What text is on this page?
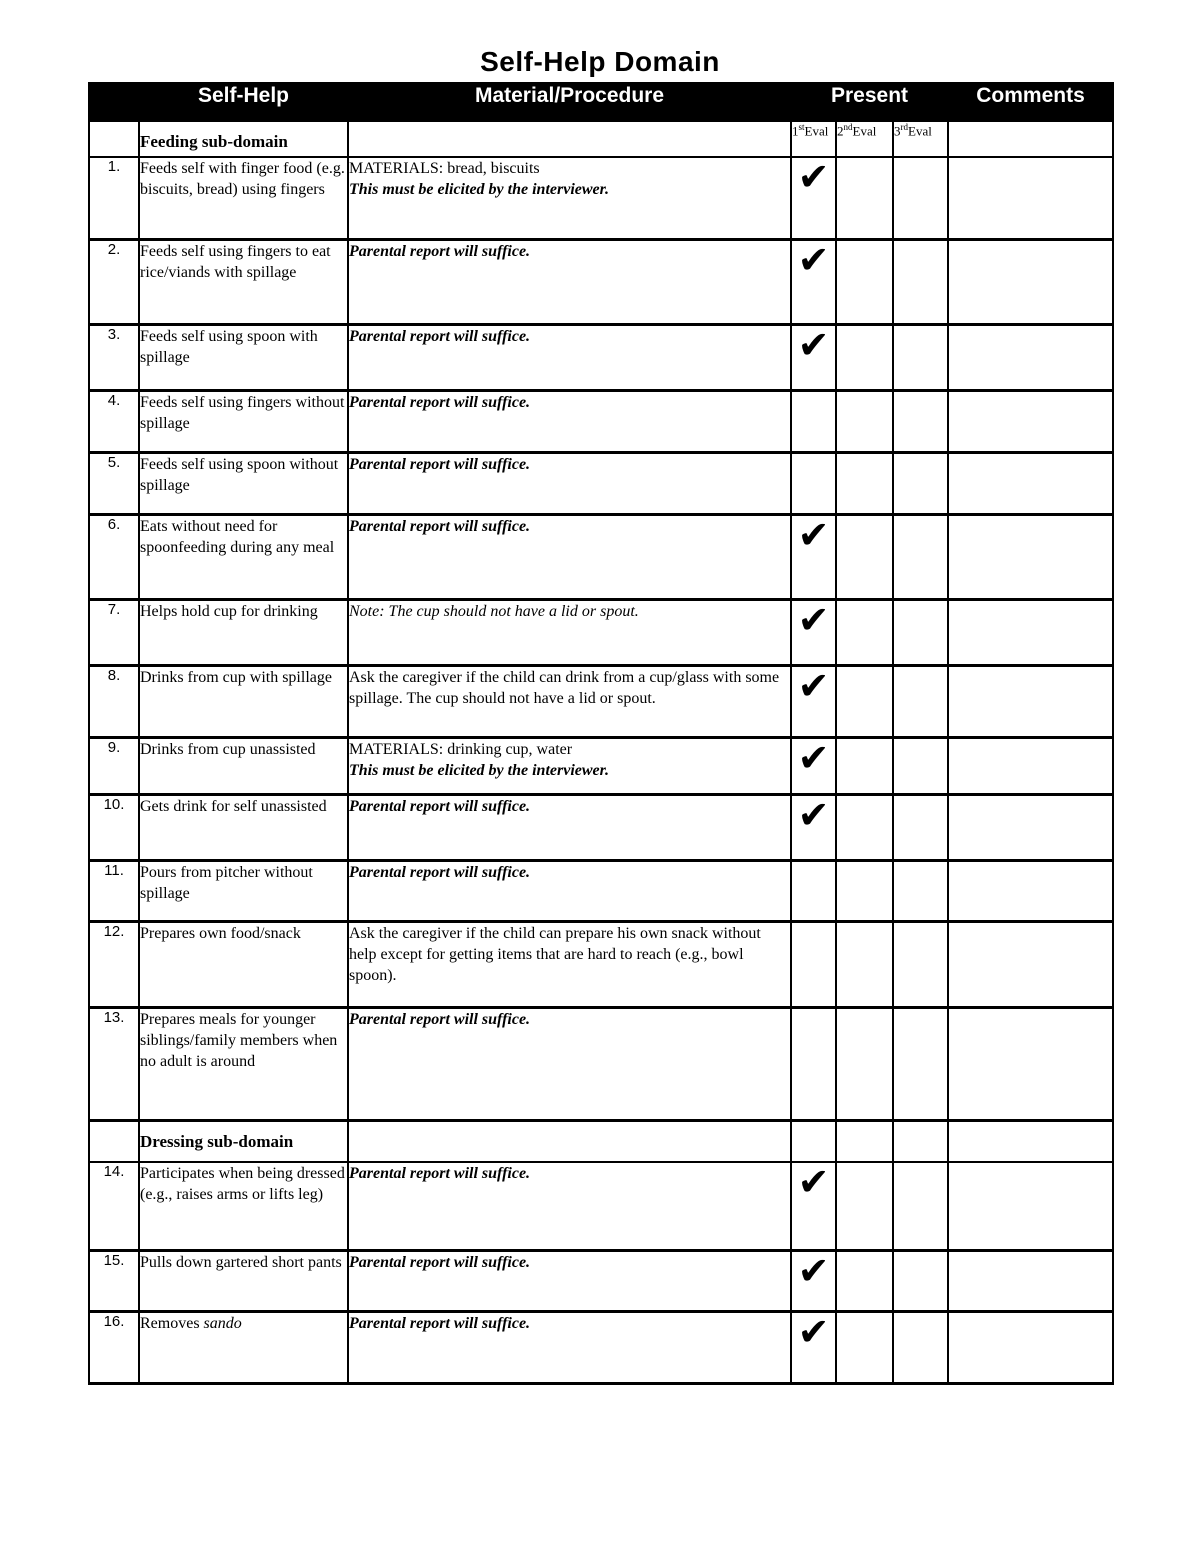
Self-Help Domain
	Self-Help	Material/Procedure	Present			Comments
	Feeding sub-domain		1stEval	2ndEval	3rdEval	
1.	Feeds self with finger food (e.g. biscuits, bread) using fingers	MATERIALS: bread, biscuits
This must be elicited by the interviewer.	✔			
2.	Feeds self using fingers to eat rice/viands with spillage	Parental report will suffice.	✔			
3.	Feeds self using spoon with spillage	Parental report will suffice.	✔			
4.	Feeds self using fingers without spillage	Parental report will suffice.				

5.	Feeds self using spoon without spillage	Parental report will suffice.				

6.	Eats without need for spoonfeeding during any meal	Parental report will suffice.	✔			
7.	Helps hold cup for drinking	Note: The cup should not have a lid or spout.	✔			
8.	Drinks from cup with spillage	Ask the caregiver if the child can drink from a cup/glass with some spillage. The cup should not have a lid or spout.	✔			
9.	Drinks from cup unassisted	MATERIALS: drinking cup, water
This must be elicited by the interviewer.	✔			
10.	Gets drink for self unassisted	Parental report will suffice.	✔			
11.	Pours from pitcher without spillage	Parental report will suffice.				

12.	Prepares own food/snack	Ask the caregiver if the child can prepare his own snack without help except for getting items that are hard to reach (e.g., bowl spoon).				

13.	Prepares meals for younger siblings/family members when no adult is around	Parental report will suffice.				

	Dressing sub-domain					
14.	Participates when being dressed (e.g., raises arms or lifts leg)	Parental report will suffice.	✔			
15.	Pulls down gartered short pants	Parental report will suffice.	✔			
16.	Removes sando	Parental report will suffice.	✔			
